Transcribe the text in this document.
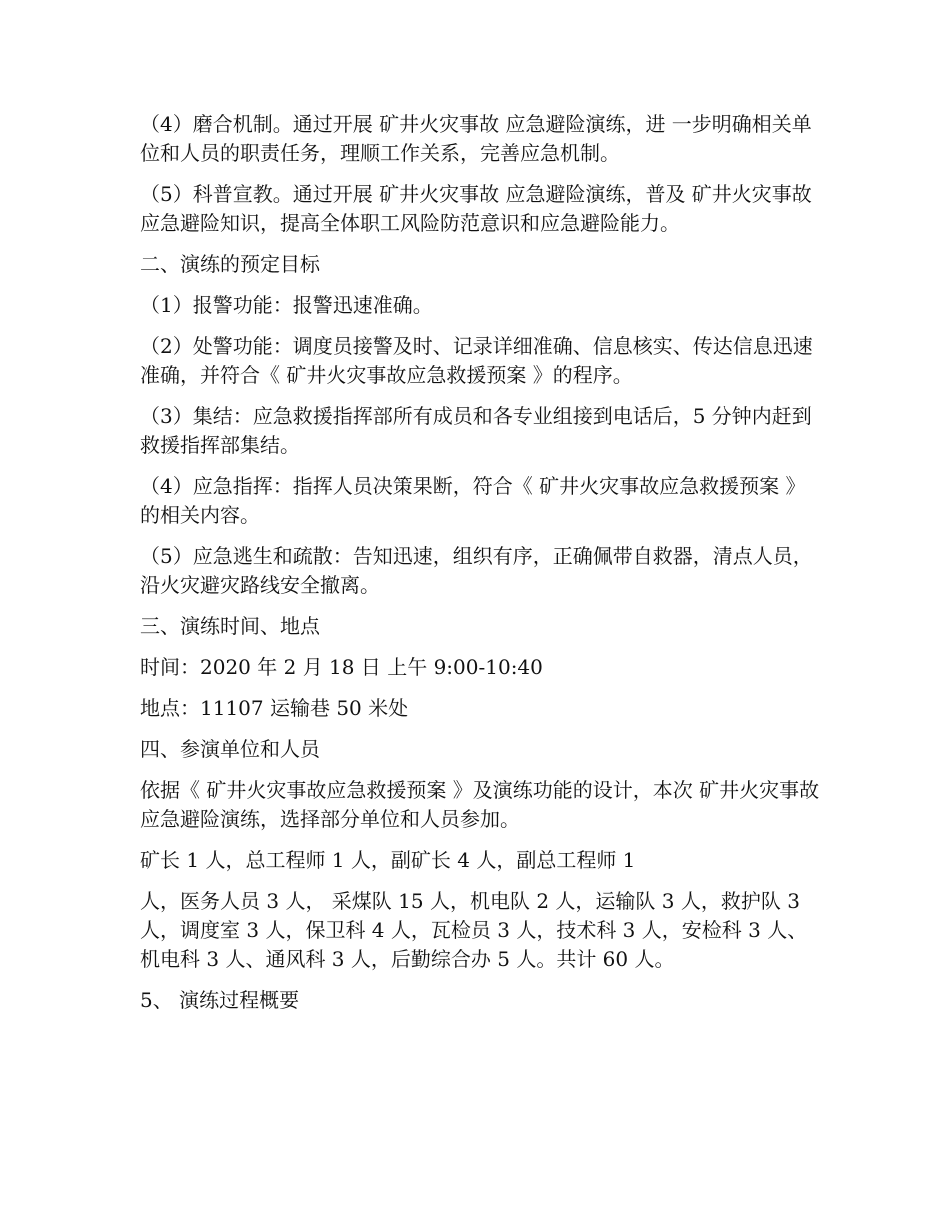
（4）磨合机制。通过开展 矿井火灾事故 应急避险演练，进 一步明确相关单位和人员的职责任务，理顺工作关系，完善应急机制。

（5）科普宣教。通过开展 矿井火灾事故 应急避险演练，普及 矿井火灾事故 应急避险知识，提高全体职工风险防范意识和应急避险能力。

二、演练的预定目标

（1）报警功能：报警迅速准确。

（2）处警功能：调度员接警及时、记录详细准确、信息核实、传达信息迅速准确，并符合《 矿井火灾事故应急救援预案 》的程序。

（3）集结：应急救援指挥部所有成员和各专业组接到电话后，5 分钟内赶到救援指挥部集结。

（4）应急指挥：指挥人员决策果断，符合《 矿井火灾事故应急救援预案 》的相关内容。

（5）应急逃生和疏散：告知迅速，组织有序，正确佩带自救器，清点人员，沿火灾避灾路线安全撤离。

三、演练时间、地点

时间：2020 年 2 月 18 日 上午 9:00-10:40

地点：11107 运输巷 50 米处

四、参演单位和人员

依据《 矿井火灾事故应急救援预案 》及演练功能的设计，本次 矿井火灾事故 应急避险演练，选择部分单位和人员参加。

矿长 1 人，总工程师 1 人，副矿长 4 人，副总工程师 1

人，医务人员 3 人， 采煤队 15 人，机电队 2 人，运输队 3 人，救护队 3 人，调度室 3 人，保卫科 4 人，瓦检员 3 人，技术科 3 人，安检科 3 人、机电科 3 人、通风科 3 人，后勤综合办 5 人。共计 60 人。

5、 演练过程概要
